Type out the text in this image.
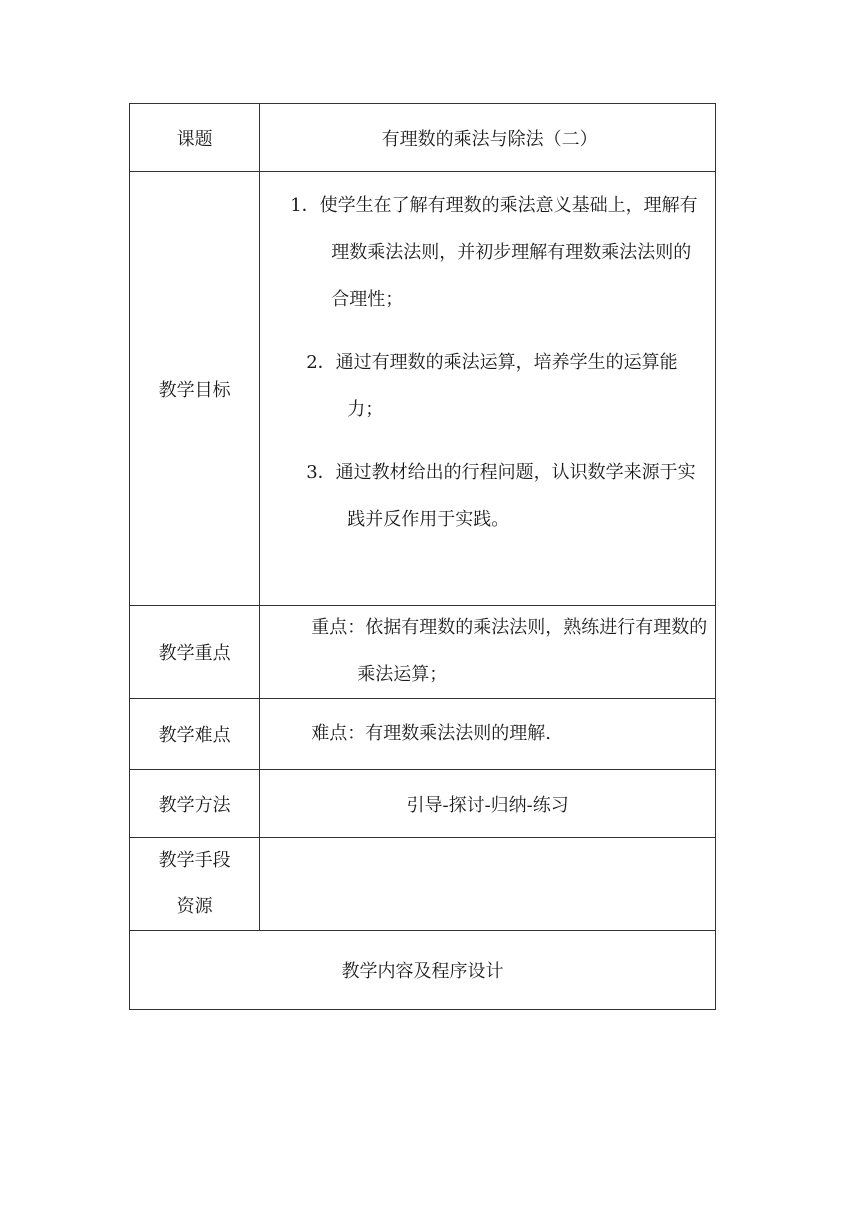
课题	有理数的乘法与除法（二）
教学目标	1．使学生在了解有理数的乘法意义基础上，理解有理数乘法法则，并初步理解有理数乘法法则的合理性；
2．通过有理数的乘法运算，培养学生的运算能力；
3．通过教材给出的行程问题，认识数学来源于实践并反作用于实践。

教学重点	重点：依据有理数的乘法法则，熟练进行有理数的乘法运算；

教学难点	难点：有理数乘法法则的理解.

教学方法	引导-探讨-归纳-练习

教学手段
资源	

教学内容及程序设计	
